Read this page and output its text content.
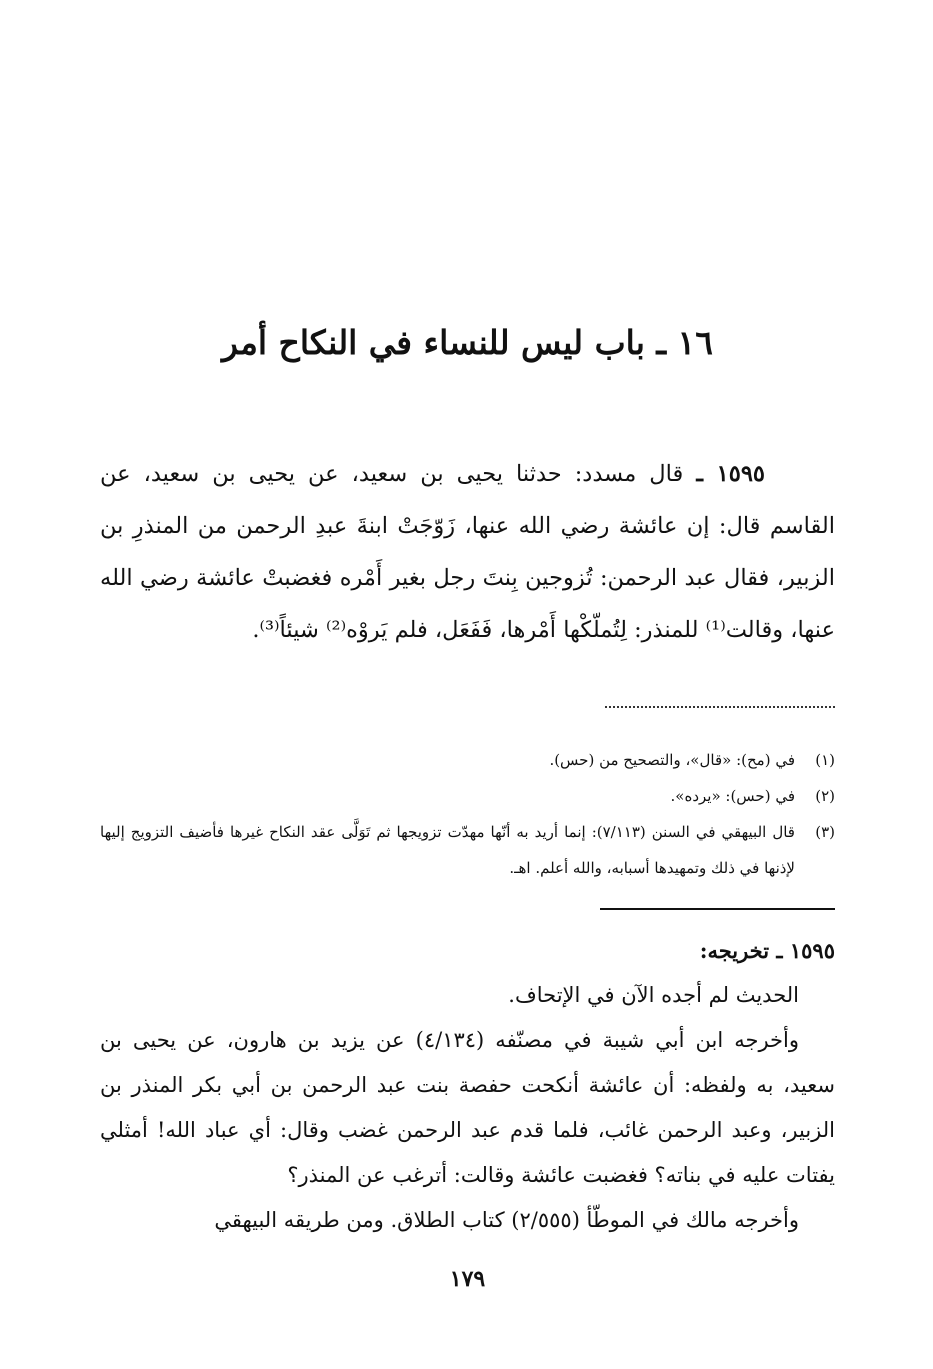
١٦ ـ باب ليس للنساء في النكاح أمر
١٥٩٥ ـ قال مسدد: حدثنا يحيى بن سعيد، عن يحيى بن سعيد، عن القاسم قال: إن عائشة رضي الله عنها، زَوّجَتْ ابنةَ عبدِ الرحمن من المنذرِ بن الزبير، فقال عبد الرحمن: تُزوجين بِنتَ رجل بغير أَمْره فغضبتْ عائشة رضي الله عنها، وقالت⁽¹⁾ للمنذر: لِتُملّكْها أَمْرها، فَفَعَل، فلم يَروْه⁽²⁾ شيئاً⁽³⁾.
(١)
في (مح): «قال»، والتصحيح من (حس).
(٢)
في (حس): «يرده».
(٣)
قال البيهقي في السنن (٧/١١٣): إنما أريد به أنّها مهدّت تزويجها ثم تَوَلَّى عقد النكاح غيرها فأضيف التزويج إليها لإذنها في ذلك وتمهيدها أسبابه، والله أعلم. اهـ.
١٥٩٥ ـ تخريجه:

الحديث لم أجده الآن في الإتحاف.

وأخرجه ابن أبي شيبة في مصنّفه (٤/١٣٤) عن يزيد بن هارون، عن يحيى بن سعيد، به ولفظه: أن عائشة أنكحت حفصة بنت عبد الرحمن بن أبي بكر المنذر بن الزبير، وعبد الرحمن غائب، فلما قدم عبد الرحمن غضب وقال: أي عباد الله! أمثلي يفتات عليه في بناته؟ فغضبت عائشة وقالت: أترغب عن المنذر؟

وأخرجه مالك في الموطّأ (٢/٥٥٥) كتاب الطلاق. ومن طريقه البيهقي

١٧٩
